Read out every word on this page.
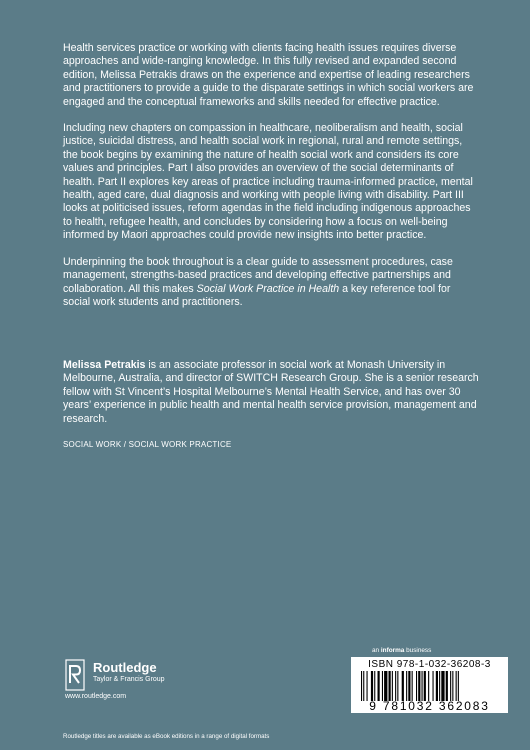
Health services practice or working with clients facing health issues requires diverse approaches and wide-ranging knowledge. In this fully revised and expanded second edition, Melissa Petrakis draws on the experience and expertise of leading researchers and practitioners to provide a guide to the disparate settings in which social workers are engaged and the conceptual frameworks and skills needed for effective practice.

Including new chapters on compassion in healthcare, neoliberalism and health, social justice, suicidal distress, and health social work in regional, rural and remote settings, the book begins by examining the nature of health social work and considers its core values and principles. Part I also provides an overview of the social determinants of health. Part II explores key areas of practice including trauma-informed practice, mental health, aged care, dual diagnosis and working with people living with disability. Part III looks at politicised issues, reform agendas in the field including indigenous approaches to health, refugee health, and concludes by considering how a focus on well-being informed by Maori approaches could provide new insights into better practice.

Underpinning the book throughout is a clear guide to assessment procedures, case management, strengths-based practices and developing effective partnerships and collaboration. All this makes Social Work Practice in Health a key reference tool for social work students and practitioners.

Melissa Petrakis is an associate professor in social work at Monash University in Melbourne, Australia, and director of SWITCH Research Group. She is a senior research fellow with St Vincent’s Hospital Melbourne’s Mental Health Service, and has over 30 years’ experience in public health and mental health service provision, management and research.
SOCIAL WORK / SOCIAL WORK PRACTICE
an informa business
Routledge
Taylor & Francis Group
www.routledge.com
ISBN 978-1-032-36208-3
9 781032 362083
Routledge titles are available as eBook editions in a range of digital formats
